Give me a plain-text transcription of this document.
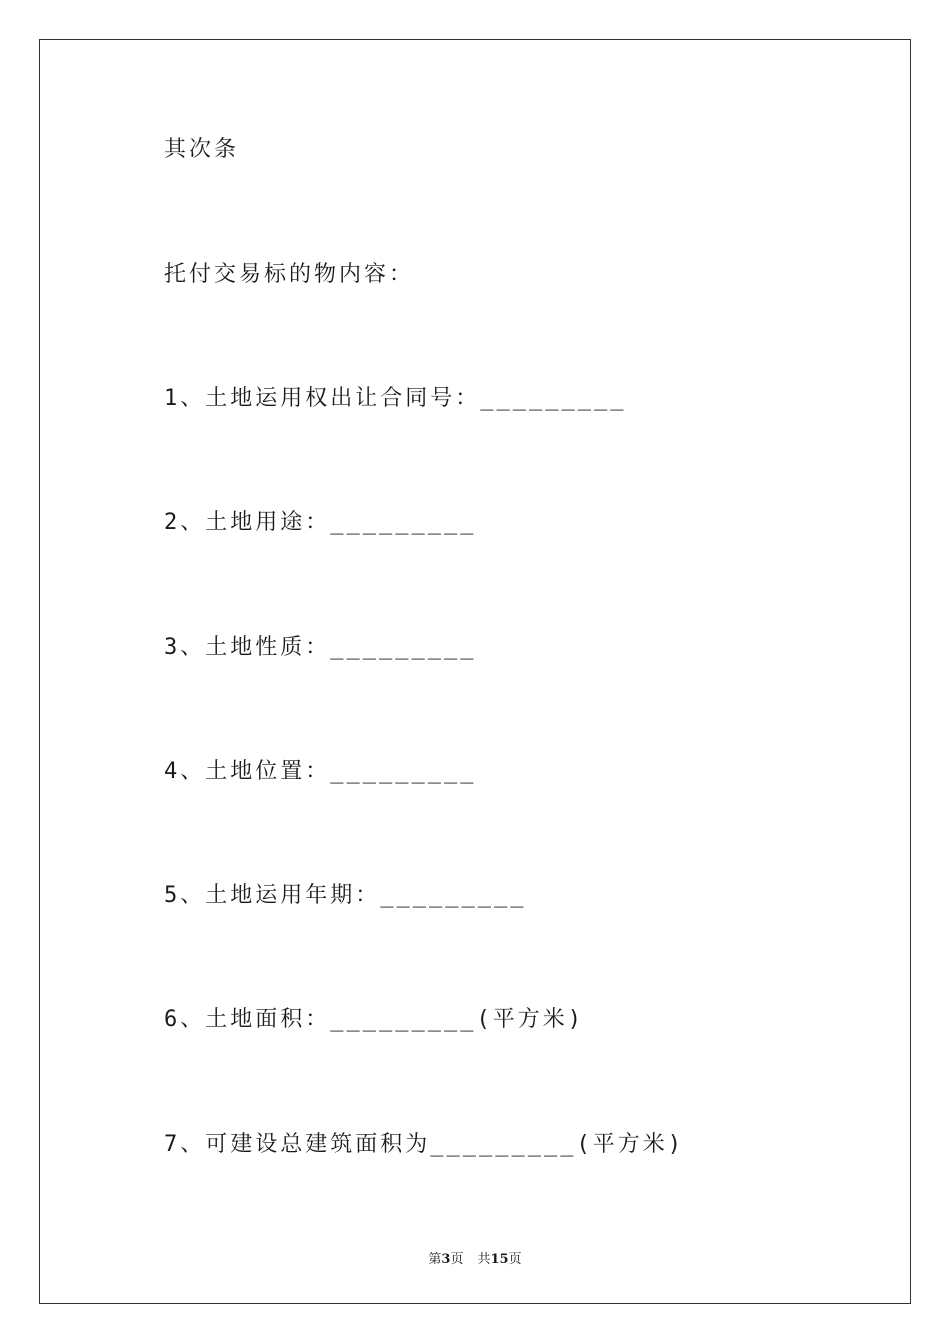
其次条
托付交易标的物内容：
1、土地运用权出让合同号：_________
2、土地用途：_________
3、土地性质：_________
4、土地位置：_________
5、土地运用年期：_________
6、土地面积：_________(平方米)
7、可建设总建筑面积为_________(平方米)
第3页 共15页
